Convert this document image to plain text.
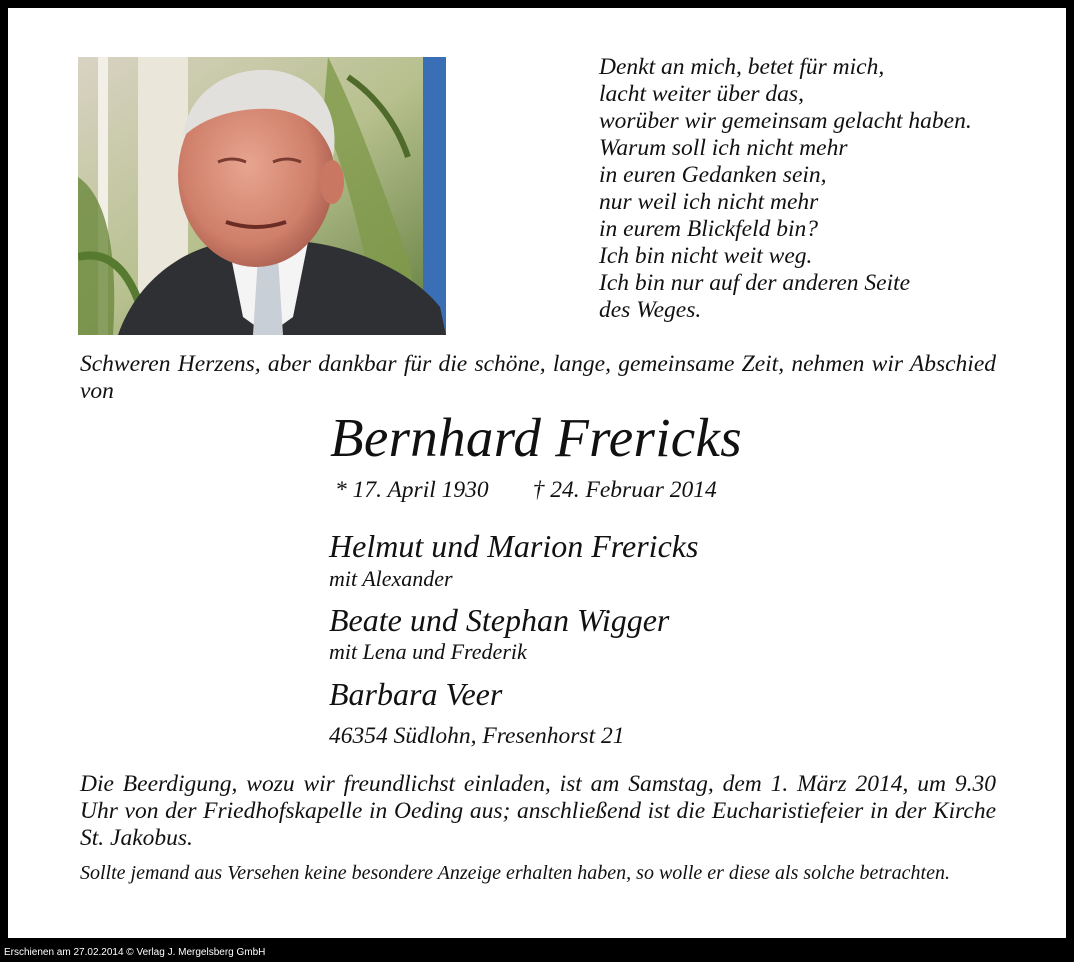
Denkt an mich, betet für mich,
lacht weiter über das,
worüber wir gemeinsam gelacht haben.
Warum soll ich nicht mehr
in euren Gedanken sein,
nur weil ich nicht mehr
in eurem Blickfeld bin?
Ich bin nicht weit weg.
Ich bin nur auf der anderen Seite
des Weges.
Schweren Herzens, aber dankbar für die schöne, lange, gemeinsame Zeit, nehmen wir Abschied von
Bernhard Frericks
* 17. April 1930 † 24. Februar 2014
Helmut und Marion Frericks
mit Alexander
Beate und Stephan Wigger
mit Lena und Frederik
Barbara Veer
46354 Südlohn, Fresenhorst 21
Die Beerdigung, wozu wir freundlichst einladen, ist am Samstag, dem 1. März 2014, um 9.30 Uhr von der Friedhofskapelle in Oeding aus; anschließend ist die Eucharistiefeier in der Kirche St. Jakobus.
Sollte jemand aus Versehen keine besondere Anzeige erhalten haben, so wolle er diese als solche betrachten.
Erschienen am 27.02.2014 © Verlag J. Mergelsberg GmbH
